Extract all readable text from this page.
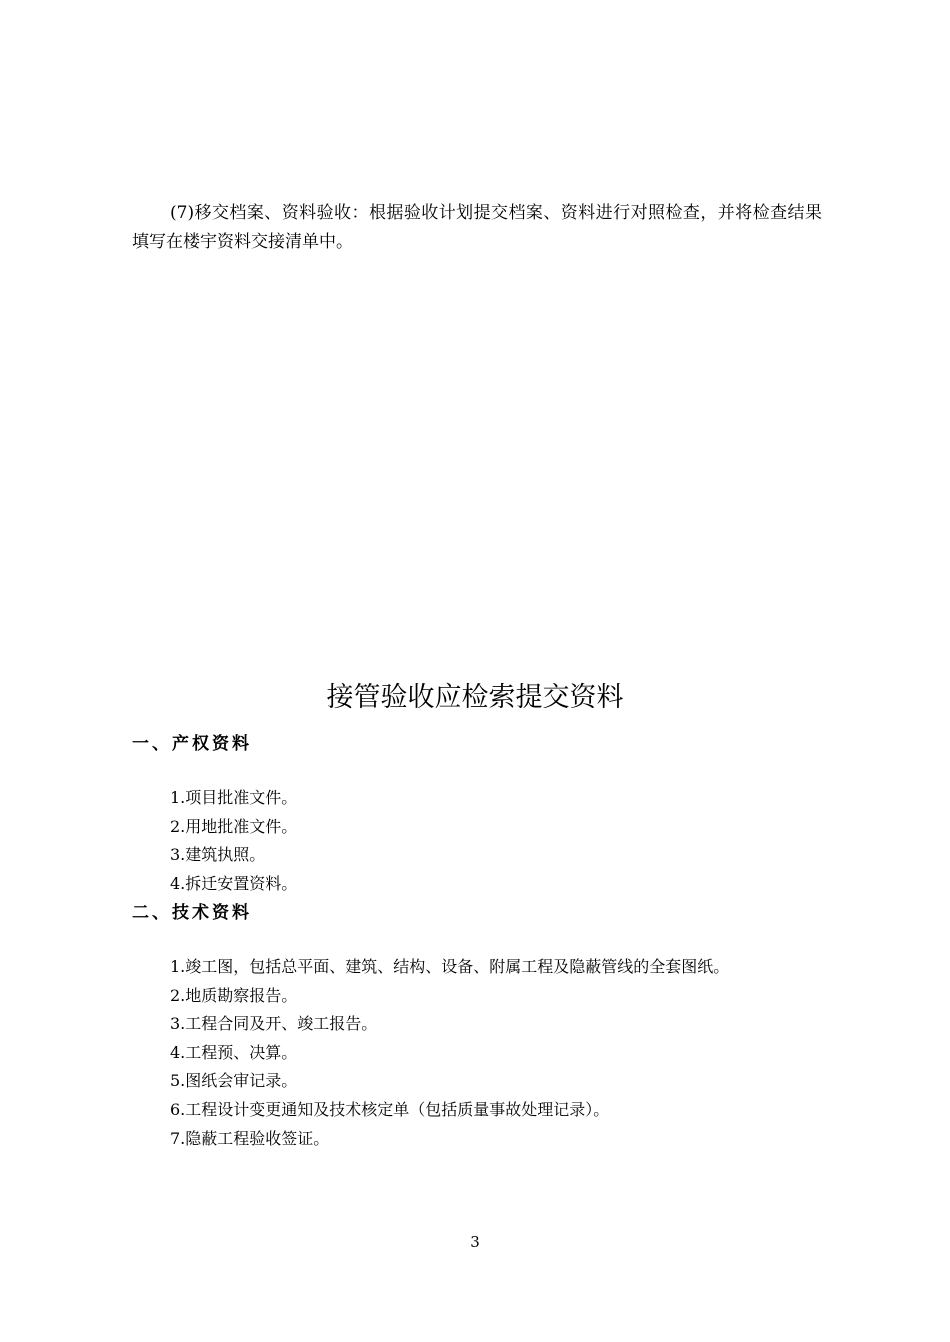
(7)移交档案、资料验收：根据验收计划提交档案、资料进行对照检查，并将检查结果填写在楼宇资料交接清单中。

接管验收应检索提交资料
一、产权资料
1.项目批准文件。
2.用地批准文件。
3.建筑执照。
4.拆迁安置资料。
二、技术资料
1.竣工图，包括总平面、建筑、结构、设备、附属工程及隐蔽管线的全套图纸。
2.地质勘察报告。
3.工程合同及开、竣工报告。
4.工程预、决算。
5.图纸会审记录。
6.工程设计变更通知及技术核定单（包括质量事故处理记录）。
7.隐蔽工程验收签证。
3
